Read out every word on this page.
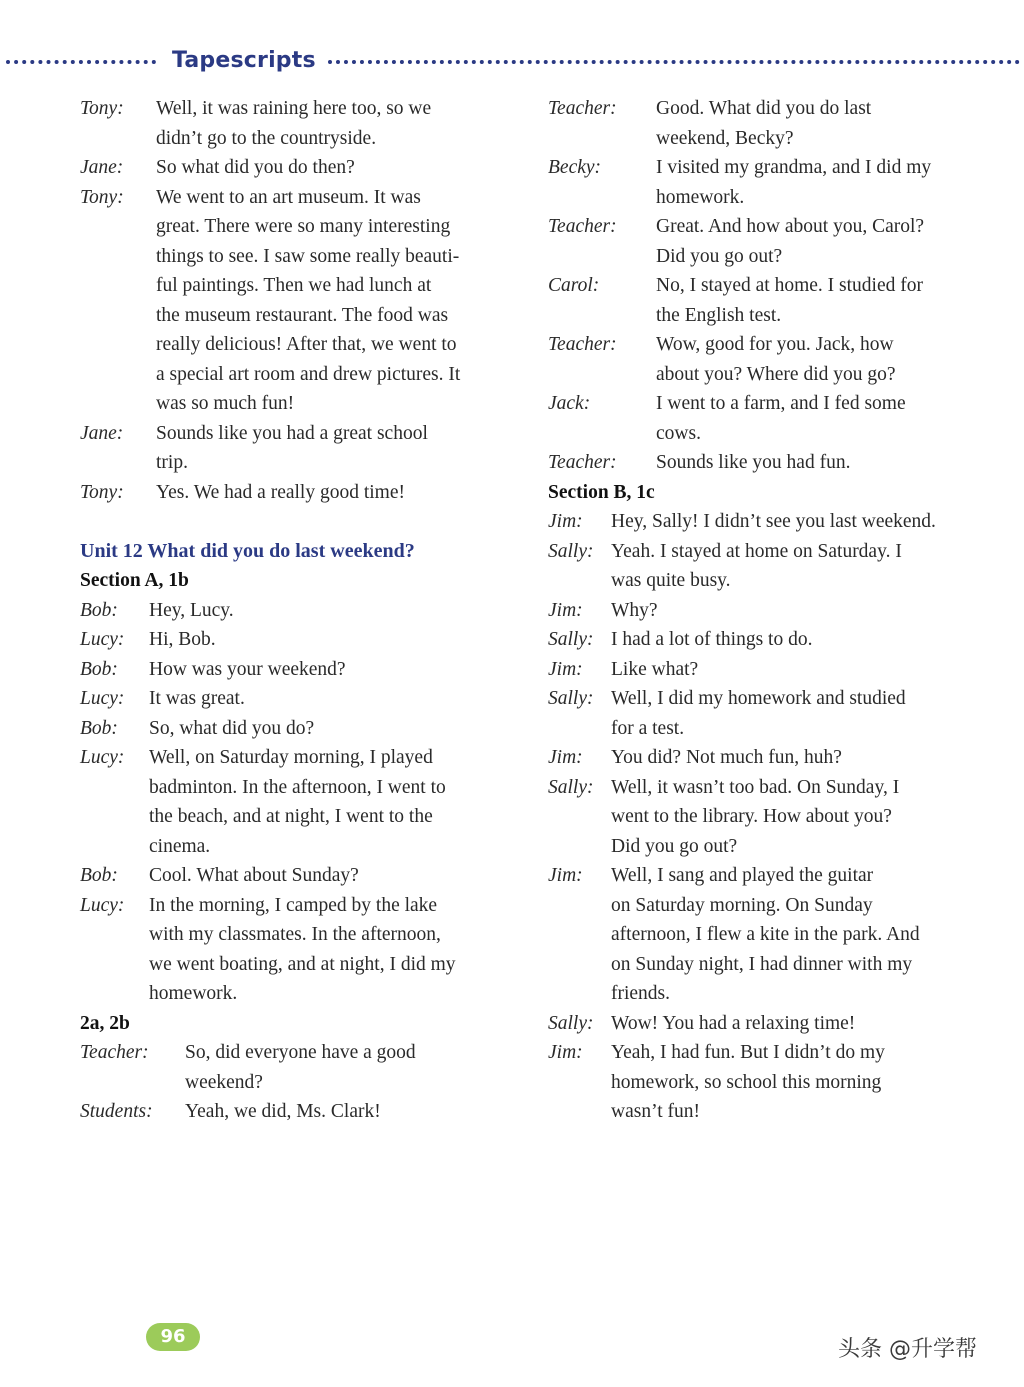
Tapescripts
Tony:	Well, it was raining here too, so we
didn’t go to the countryside.
Jane:	So what did you do then?
Tony:	We went to an art museum. It was
great. There were so many interesting
things to see. I saw some really beauti-
ful paintings. Then we had lunch at
the museum restaurant. The food was
really delicious! After that, we went to
a special art room and drew pictures. It
was so much fun!
Jane:	Sounds like you had a great school
trip.
Tony:	Yes. We had a really good time!
Unit 12 What did you do last weekend?
Section A, 1b
Bob:	Hey, Lucy.
Lucy:	Hi, Bob.
Bob:	How was your weekend?
Lucy:	It was great.
Bob:	So, what did you do?
Lucy:	Well, on Saturday morning, I played
badminton. In the afternoon, I went to
the beach, and at night, I went to the
cinema.
Bob:	Cool. What about Sunday?
Lucy:	In the morning, I camped by the lake
with my classmates. In the afternoon,
we went boating, and at night, I did my
homework.
2a, 2b
Teacher:	So, did everyone have a good
weekend?
Students:	Yeah, we did, Ms. Clark!
Teacher:	Good. What did you do last
weekend, Becky?
Becky:	I visited my grandma, and I did my
homework.
Teacher:	Great. And how about you, Carol?
Did you go out?
Carol:	No, I stayed at home. I studied for
the English test.
Teacher:	Wow, good for you. Jack, how
about you? Where did you go?
Jack:	I went to a farm, and I fed some
cows.
Teacher:	Sounds like you had fun.
Section B, 1c
Jim:	Hey, Sally! I didn’t see you last weekend.
Sally: Yeah. I stayed at home on Saturday. I
was quite busy.
Jim:	Why?
Sally: I had a lot of things to do.
Jim:	Like what?
Sally: Well, I did my homework and studied
for a test.
Jim:	You did? Not much fun, huh?
Sally: Well, it wasn’t too bad. On Sunday, I
went to the library. How about you?
Did you go out?
Jim:	Well, I sang and played the guitar
on Saturday morning. On Sunday
afternoon, I flew a kite in the park. And
on Sunday night, I had dinner with my
friends.
Sally: Wow! You had a relaxing time!
Jim:	Yeah, I had fun. But I didn’t do my
homework, so school this morning
wasn’t fun!
96
头条 @升学帮
